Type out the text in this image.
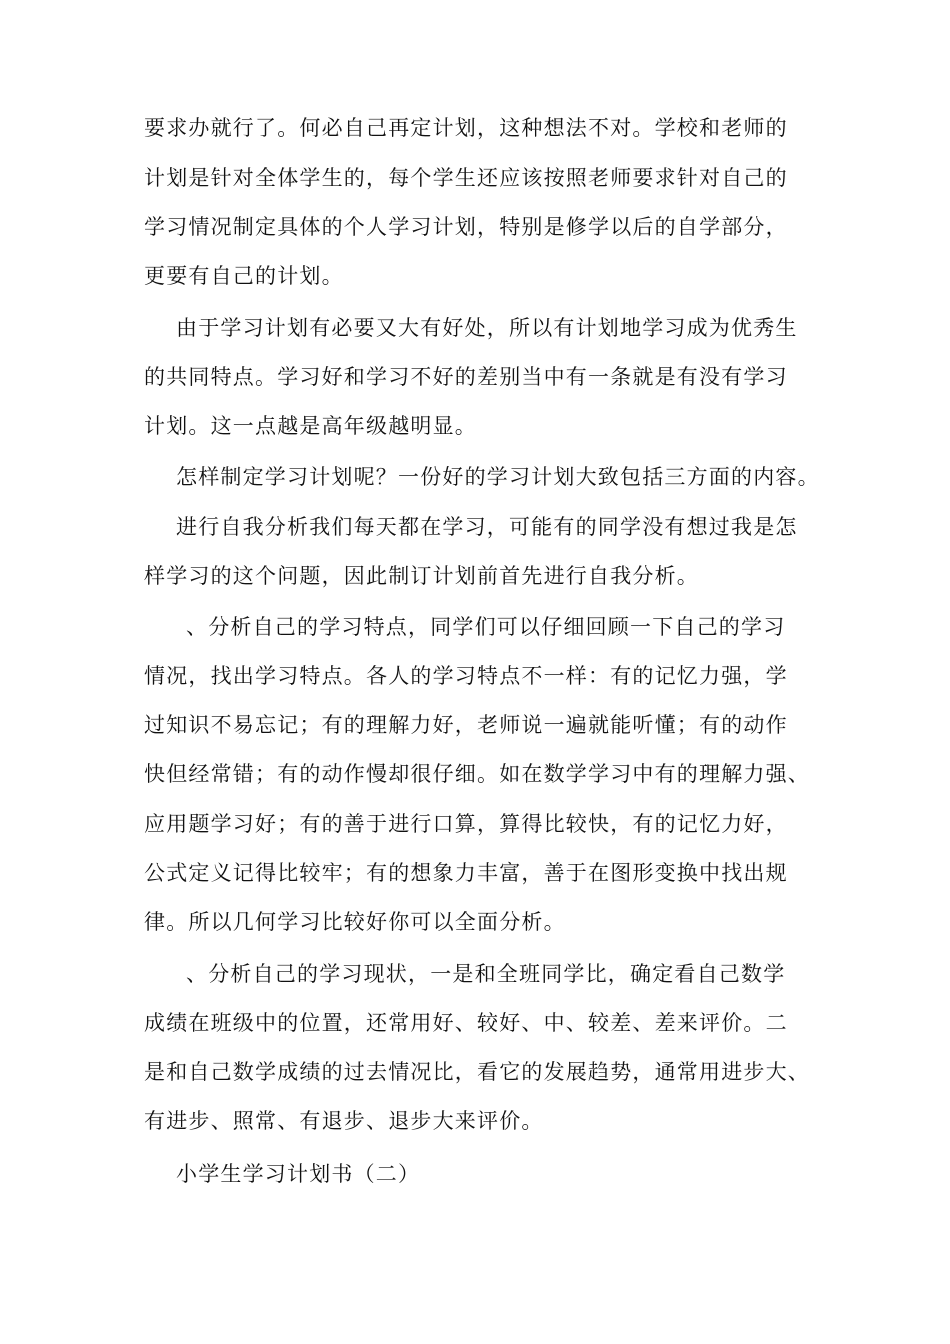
要求办就行了。何必自己再定计划，这种想法不对。学校和老师的
计划是针对全体学生的，每个学生还应该按照老师要求针对自己的
学习情况制定具体的个人学习计划，特别是修学以后的自学部分，
更要有自己的计划。
由于学习计划有必要又大有好处，所以有计划地学习成为优秀生
的共同特点。学习好和学习不好的差别当中有一条就是有没有学习
计划。这一点越是高年级越明显。
怎样制定学习计划呢？一份好的学习计划大致包括三方面的内容。
进行自我分析我们每天都在学习，可能有的同学没有想过我是怎
样学习的这个问题，因此制订计划前首先进行自我分析。
、分析自己的学习特点，同学们可以仔细回顾一下自己的学习
情况，找出学习特点。各人的学习特点不一样：有的记忆力强，学
过知识不易忘记；有的理解力好，老师说一遍就能听懂；有的动作
快但经常错；有的动作慢却很仔细。如在数学学习中有的理解力强、
应用题学习好；有的善于进行口算，算得比较快，有的记忆力好，
公式定义记得比较牢；有的想象力丰富，善于在图形变换中找出规
律。所以几何学习比较好你可以全面分析。
、分析自己的学习现状，一是和全班同学比，确定看自己数学
成绩在班级中的位置，还常用好、较好、中、较差、差来评价。二
是和自己数学成绩的过去情况比，看它的发展趋势，通常用进步大、
有进步、照常、有退步、退步大来评价。
小学生学习计划书（二）
